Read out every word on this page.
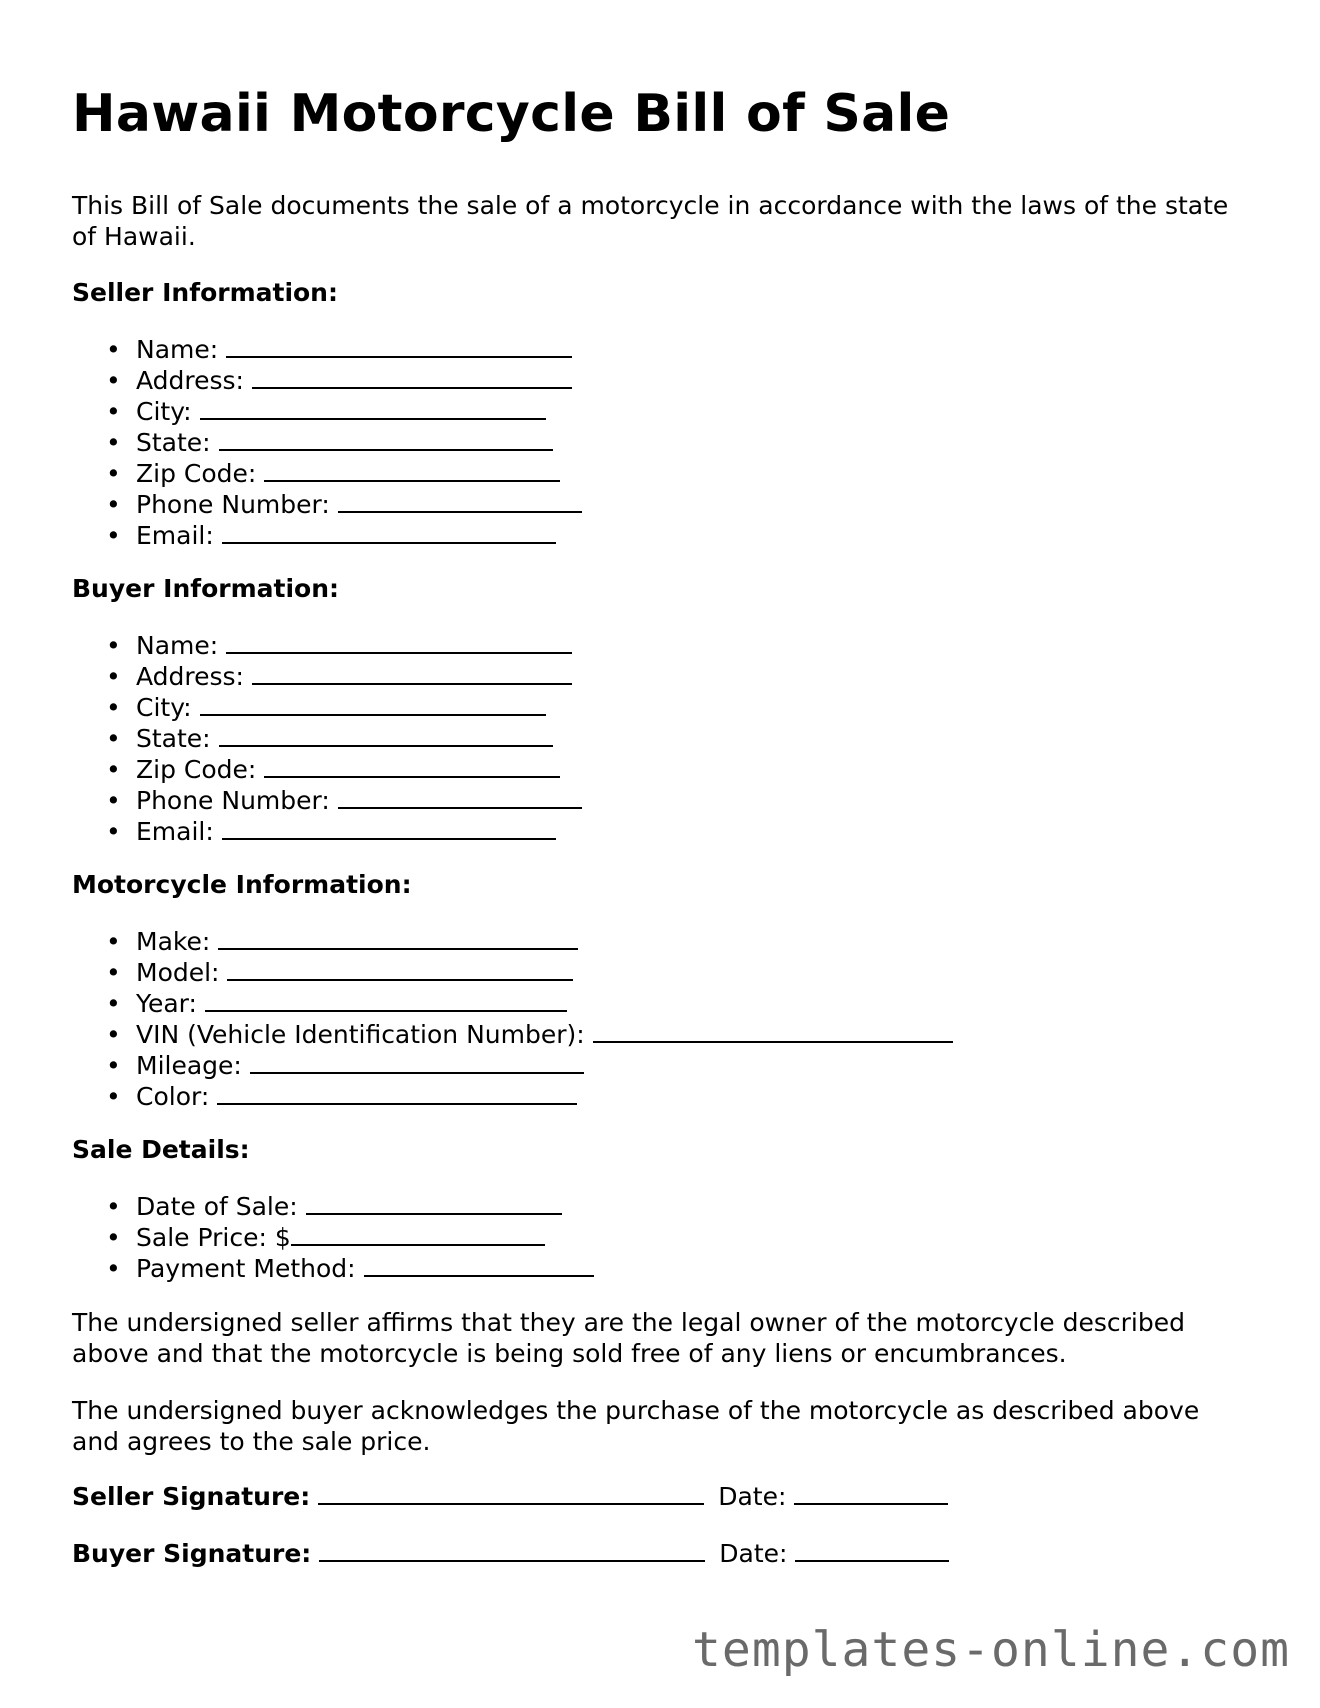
Hawaii Motorcycle Bill of Sale

This Bill of Sale documents the sale of a motorcycle in accordance with the laws of the state of Hawaii.

Seller Information:

• Name:
• Address:
• City:
• State:
• Zip Code:
• Phone Number:
• Email:

Buyer Information:

• Name:
• Address:
• City:
• State:
• Zip Code:
• Phone Number:
• Email:

Motorcycle Information:

• Make:
• Model:
• Year:
• VIN (Vehicle Identification Number):
• Mileage:
• Color:

Sale Details:

• Date of Sale:
• Sale Price: $
• Payment Method:

The undersigned seller affirms that they are the legal owner of the motorcycle described above and that the motorcycle is being sold free of any liens or encumbrances.

The undersigned buyer acknowledges the purchase of the motorcycle as described above and agrees to the sale price.

Seller Signature:	Date:

Buyer Signature:	Date:

templates-online.com
